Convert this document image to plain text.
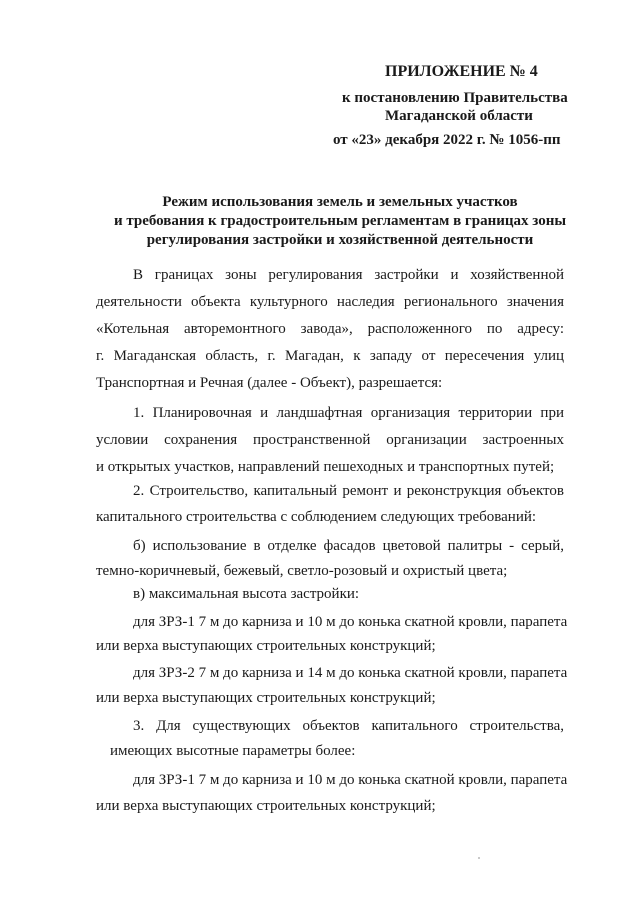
ПРИЛОЖЕНИЕ № 4
к постановлению Правительства
Магаданской области
от «23» декабря 2022 г. № 1056-пп
Режим использования земель и земельных участков
и требования к градостроительным регламентам в границах зоны
регулирования застройки и хозяйственной деятельности
В границах зоны регулирования застройки и хозяйственной
деятельности объекта культурного наследия регионального значения
«Котельная авторемонтного завода», расположенного по адресу:
г. Магаданская область, г. Магадан, к западу от пересечения улиц
Транспортная и Речная (далее - Объект), разрешается:
1. Планировочная и ландшафтная организация территории при
условии сохранения пространственной организации застроенных
и открытых участков, направлений пешеходных и транспортных путей;
2. Строительство, капитальный ремонт и реконструкция объектов
капитального строительства с соблюдением следующих требований:
б) использование в отделке фасадов цветовой палитры - серый,
темно-коричневый, бежевый, светло-розовый и охристый цвета;
в) максимальная высота застройки:
для ЗРЗ-1 7 м до карниза и 10 м до конька скатной кровли, парапета
или верха выступающих строительных конструкций;
для ЗРЗ-2 7 м до карниза и 14 м до конька скатной кровли, парапета
или верха выступающих строительных конструкций;
3. Для существующих объектов капитального строительства,
имеющих высотные параметры более:
для ЗРЗ-1 7 м до карниза и 10 м до конька скатной кровли, парапета
или верха выступающих строительных конструкций;
